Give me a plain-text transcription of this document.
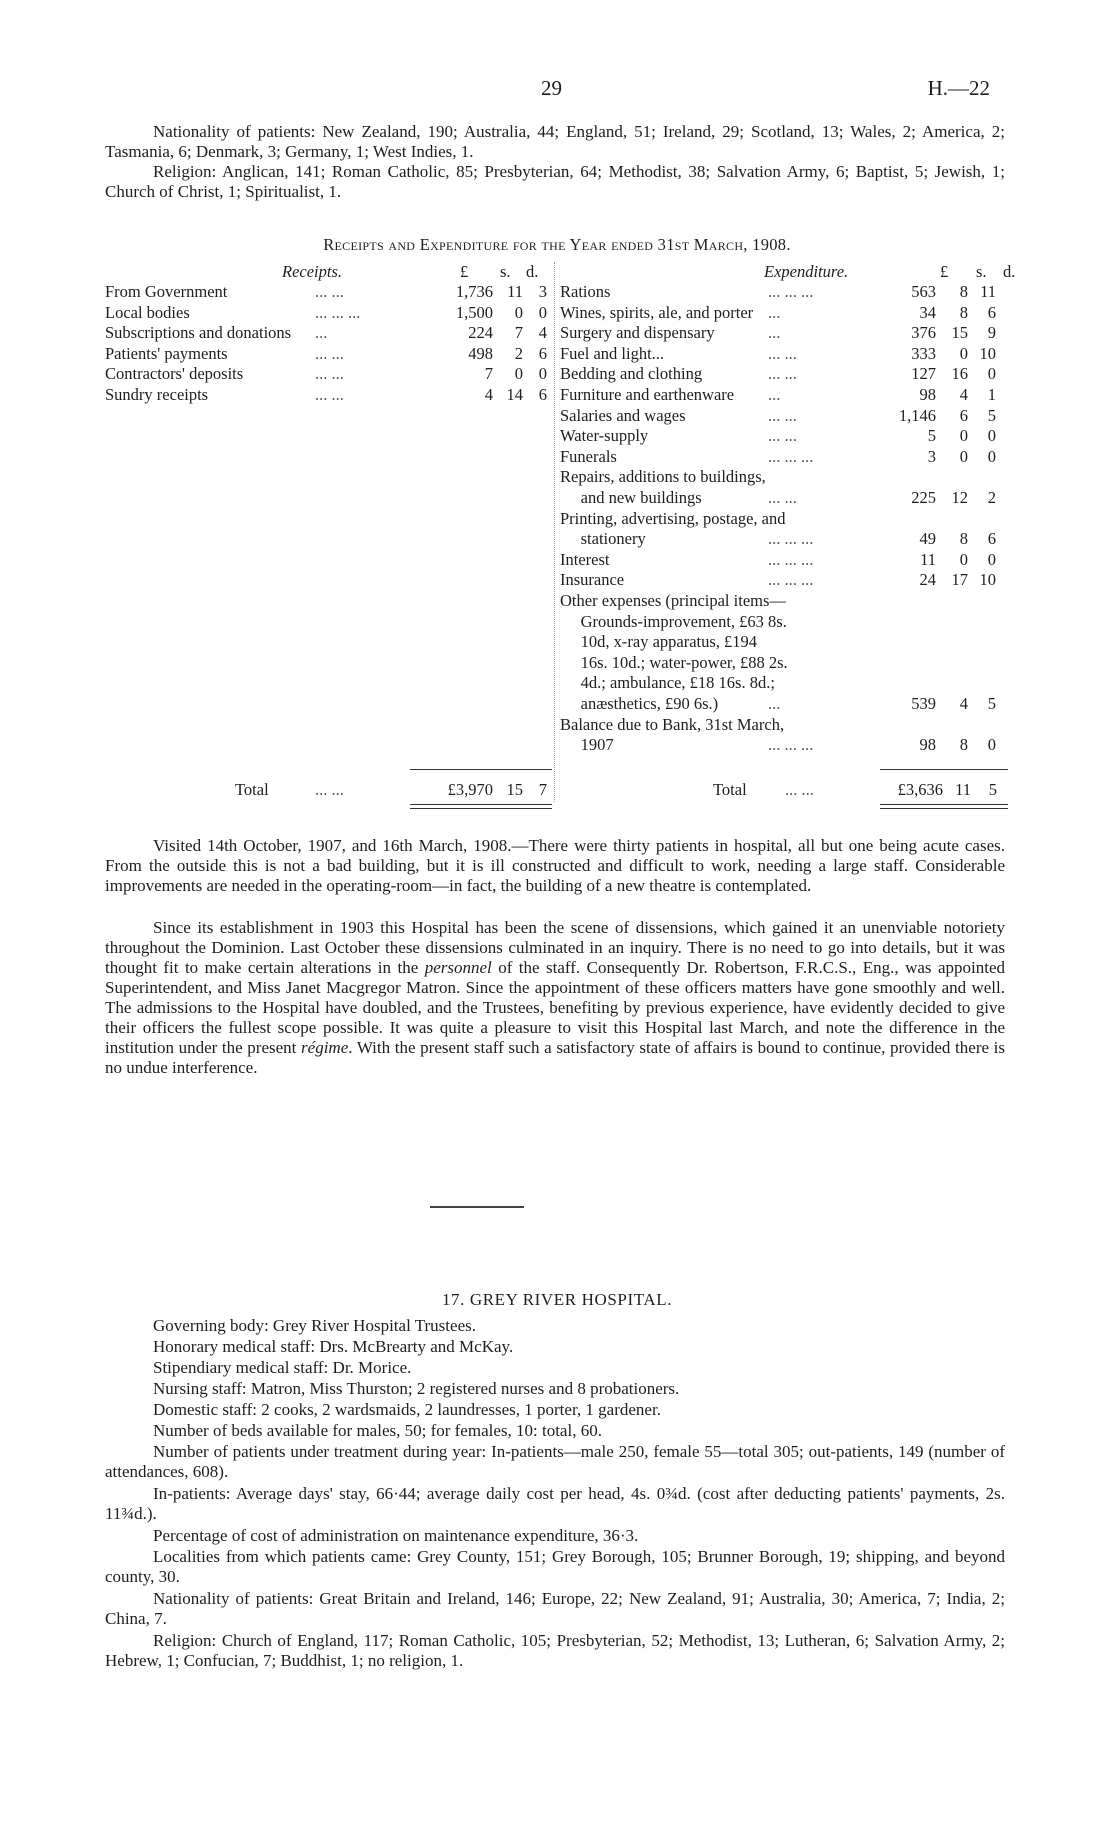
29	H.—22

Nationality of patients: New Zealand, 190; Australia, 44; England, 51; Ireland, 29; Scotland, 13; Wales, 2; America, 2; Tasmania, 6; Denmark, 3; Germany, 1; West Indies, 1.

Religion: Anglican, 141; Roman Catholic, 85; Presbyterian, 64; Methodist, 38; Salvation Army, 6; Baptist, 5; Jewish, 1; Church of Christ, 1; Spiritualist, 1.

Receipts and Expenditure for the Year ended 31st March, 1908.
Receipts.	£ s. d.	Expenditure.	£ s. d.
From Government	... ...	1,736 11 3
Local bodies	... ... ...	1,500	0 0
Subscriptions and donations ...	224	7 4
Patients' payments	... ...	498	2 6
Contractors' deposits	... ...	7	0 0
Sundry receipts	... ...	4 14 6
Rations	... ... ...	563	8 11
Wines, spirits, ale, and porter ...	34	8	6
Surgery and dispensary	...	376 15	9
Fuel and light...	... ...	333	0 10
Bedding and clothing	... ...	127 16	0
Furniture and earthenware ...	98	4	1
Salaries and wages	... ...	1,146	6	5
Water-supply	... ...	5	0	0
Funerals	... ... ...	3	0	0
Repairs, additions to buildings,
and new buildings	... ...	225 12	2
Printing, advertising, postage, and
stationery	... ... ...	49	8	6
Interest	... ... ...	11	0	0
Insurance	... ... ...	24 17 10
Other expenses (principal items—
Grounds-improvement, £63 8s.
10d, x-ray apparatus, £194
16s. 10d.; water-power, £88 2s.
4d.; ambulance, £18 16s. 8d.;
anæsthetics, £90 6s.)	...	539	4	5
Balance due to Bank, 31st March,
1907	... ... ...	98	8	0
Total	... ...	£3,970 15 7	Total ... ...	£3,636 11	5

Visited 14th October, 1907, and 16th March, 1908.—There were thirty patients in hospital, all but one being acute cases. From the outside this is not a bad building, but it is ill constructed and difficult to work, needing a large staff. Considerable improvements are needed in the operating-room—in fact, the building of a new theatre is contemplated.

Since its establishment in 1903 this Hospital has been the scene of dissensions, which gained it an unenviable notoriety throughout the Dominion. Last October these dissensions culminated in an inquiry. There is no need to go into details, but it was thought fit to make certain alterations in the personnel of the staff. Consequently Dr. Robertson, F.R.C.S., Eng., was appointed Superintendent, and Miss Janet Macgregor Matron. Since the appointment of these officers matters have gone smoothly and well. The admissions to the Hospital have doubled, and the Trustees, benefiting by previous experience, have evidently decided to give their officers the fullest scope possible. It was quite a pleasure to visit this Hospital last March, and note the difference in the institution under the present régime. With the present staff such a satisfactory state of affairs is bound to continue, provided there is no undue interference.

17. GREY RIVER HOSPITAL.

Governing body: Grey River Hospital Trustees.

Honorary medical staff: Drs. McBrearty and McKay.

Stipendiary medical staff: Dr. Morice.

Nursing staff: Matron, Miss Thurston; 2 registered nurses and 8 probationers.

Domestic staff: 2 cooks, 2 wardsmaids, 2 laundresses, 1 porter, 1 gardener.

Number of beds available for males, 50; for females, 10: total, 60.

Number of patients under treatment during year: In-patients—male 250, female 55—total 305; out-patients, 149 (number of attendances, 608).

In-patients: Average days' stay, 66·44; average daily cost per head, 4s. 0¾d. (cost after deducting patients' payments, 2s. 11¾d.).

Percentage of cost of administration on maintenance expenditure, 36·3.

Localities from which patients came: Grey County, 151; Grey Borough, 105; Brunner Borough, 19; shipping, and beyond county, 30.

Nationality of patients: Great Britain and Ireland, 146; Europe, 22; New Zealand, 91; Australia, 30; America, 7; India, 2; China, 7.

Religion: Church of England, 117; Roman Catholic, 105; Presbyterian, 52; Methodist, 13; Lutheran, 6; Salvation Army, 2; Hebrew, 1; Confucian, 7; Buddhist, 1; no religion, 1.
